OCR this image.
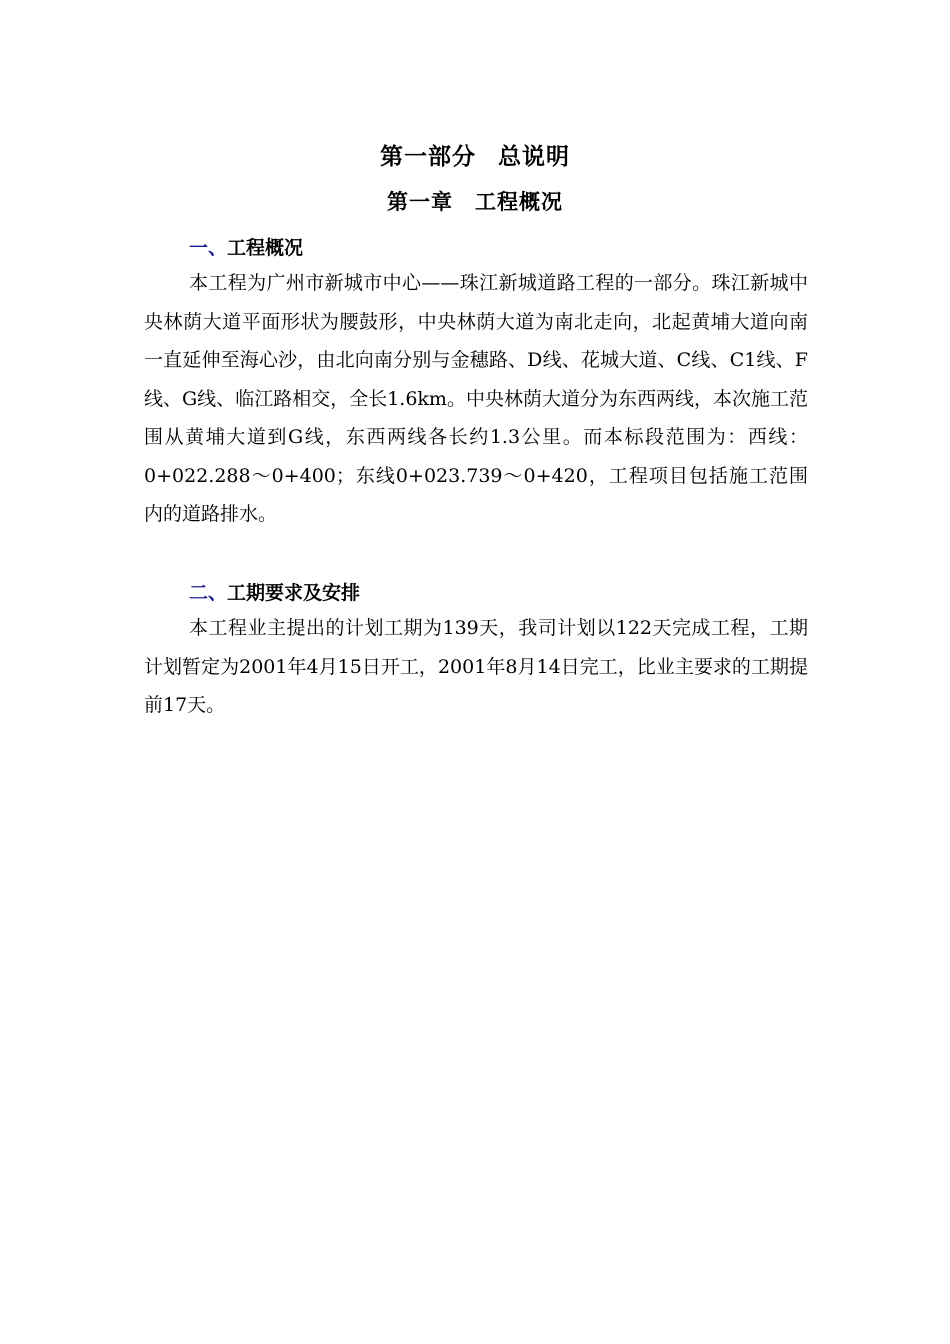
第一部分 总说明
第一章 工程概况
一、工程概况

本工程为广州市新城市中心——珠江新城道路工程的一部分。珠江新城中央林荫大道平面形状为腰鼓形，中央林荫大道为南北走向，北起黄埔大道向南一直延伸至海心沙，由北向南分别与金穗路、D线、花城大道、C线、C1线、F线、G线、临江路相交，全长1.6km。中央林荫大道分为东西两线，本次施工范围从黄埔大道到G线，东西两线各长约1.3公里。而本标段范围为：西线：0+022.288～0+400；东线0+023.739～0+420，工程项目包括施工范围内的道路排水。

二、工期要求及安排

本工程业主提出的计划工期为139天，我司计划以122天完成工程，工期计划暂定为2001年4月15日开工，2001年8月14日完工，比业主要求的工期提前17天。
